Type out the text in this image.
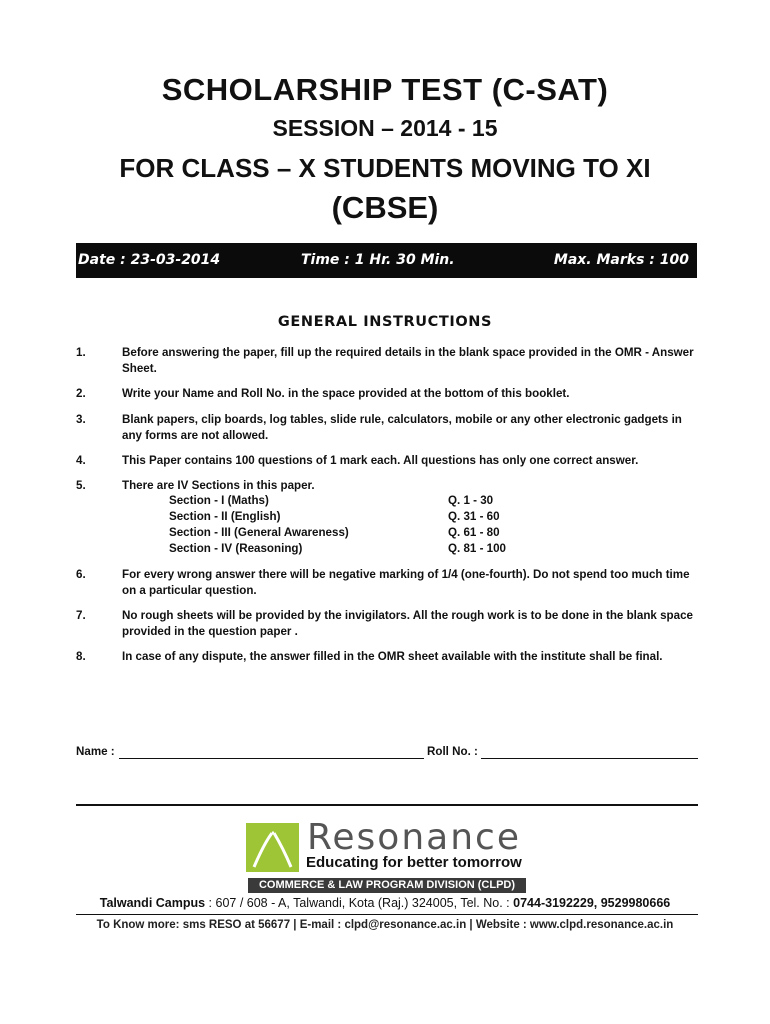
SCHOLARSHIP TEST (C-SAT)
SESSION – 2014 - 15
FOR CLASS – X STUDENTS MOVING TO XI
(CBSE)
Date : 23-03-2014	Time : 1 Hr. 30 Min.	Max. Marks : 100
GENERAL INSTRUCTIONS
1.	Before answering the paper, fill up the required details in the blank space provided in the OMR - Answer Sheet.
2.	Write your Name and Roll No. in the space provided at the bottom of this booklet.
3.	Blank papers, clip boards, log tables, slide rule, calculators, mobile or any other electronic gadgets in any forms are not allowed.
4.	This Paper contains 100 questions of 1 mark each. All questions has only one correct answer.
5.	There are IV Sections in this paper.
Section - I (Maths)	Q. 1 - 30
Section - II (English)	Q. 31 - 60
Section - III (General Awareness)	Q. 61 - 80
Section - IV (Reasoning)	Q. 81 - 100
6.	For every wrong answer there will be negative marking of 1/4 (one-fourth). Do not spend too much time on a particular question.
7.	No rough sheets will be provided by the invigilators. All the rough work is to be done in the blank space provided in the question paper .
8.	In case of any dispute, the answer filled in the OMR sheet available with the institute shall be final.
Name :	Roll No. :
Resonance
Educating for better tomorrow
COMMERCE & LAW PROGRAM DIVISION (CLPD)
Talwandi Campus : 607 / 608 - A, Talwandi, Kota (Raj.) 324005, Tel. No. : 0744-3192229, 9529980666
To Know more: sms RESO at 56677 | E-mail : clpd@resonance.ac.in | Website : www.clpd.resonance.ac.in
